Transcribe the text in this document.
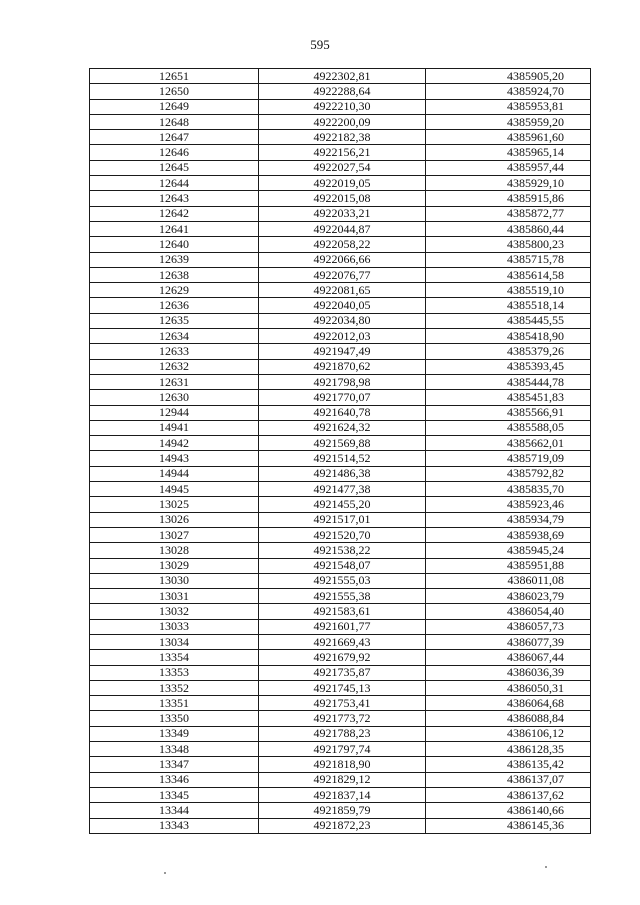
595
12651	4922302,81	4385905,20
12650	4922288,64	4385924,70
12649	4922210,30	4385953,81
12648	4922200,09	4385959,20
12647	4922182,38	4385961,60
12646	4922156,21	4385965,14
12645	4922027,54	4385957,44
12644	4922019,05	4385929,10
12643	4922015,08	4385915,86
12642	4922033,21	4385872,77
12641	4922044,87	4385860,44
12640	4922058,22	4385800,23
12639	4922066,66	4385715,78
12638	4922076,77	4385614,58
12629	4922081,65	4385519,10
12636	4922040,05	4385518,14
12635	4922034,80	4385445,55
12634	4922012,03	4385418,90
12633	4921947,49	4385379,26
12632	4921870,62	4385393,45
12631	4921798,98	4385444,78
12630	4921770,07	4385451,83
12944	4921640,78	4385566,91
14941	4921624,32	4385588,05
14942	4921569,88	4385662,01
14943	4921514,52	4385719,09
14944	4921486,38	4385792,82
14945	4921477,38	4385835,70
13025	4921455,20	4385923,46
13026	4921517,01	4385934,79
13027	4921520,70	4385938,69
13028	4921538,22	4385945,24
13029	4921548,07	4385951,88
13030	4921555,03	4386011,08
13031	4921555,38	4386023,79
13032	4921583,61	4386054,40
13033	4921601,77	4386057,73
13034	4921669,43	4386077,39
13354	4921679,92	4386067,44
13353	4921735,87	4386036,39
13352	4921745,13	4386050,31
13351	4921753,41	4386064,68
13350	4921773,72	4386088,84
13349	4921788,23	4386106,12
13348	4921797,74	4386128,35
13347	4921818,90	4386135,42
13346	4921829,12	4386137,07
13345	4921837,14	4386137,62
13344	4921859,79	4386140,66
13343	4921872,23	4386145,36
